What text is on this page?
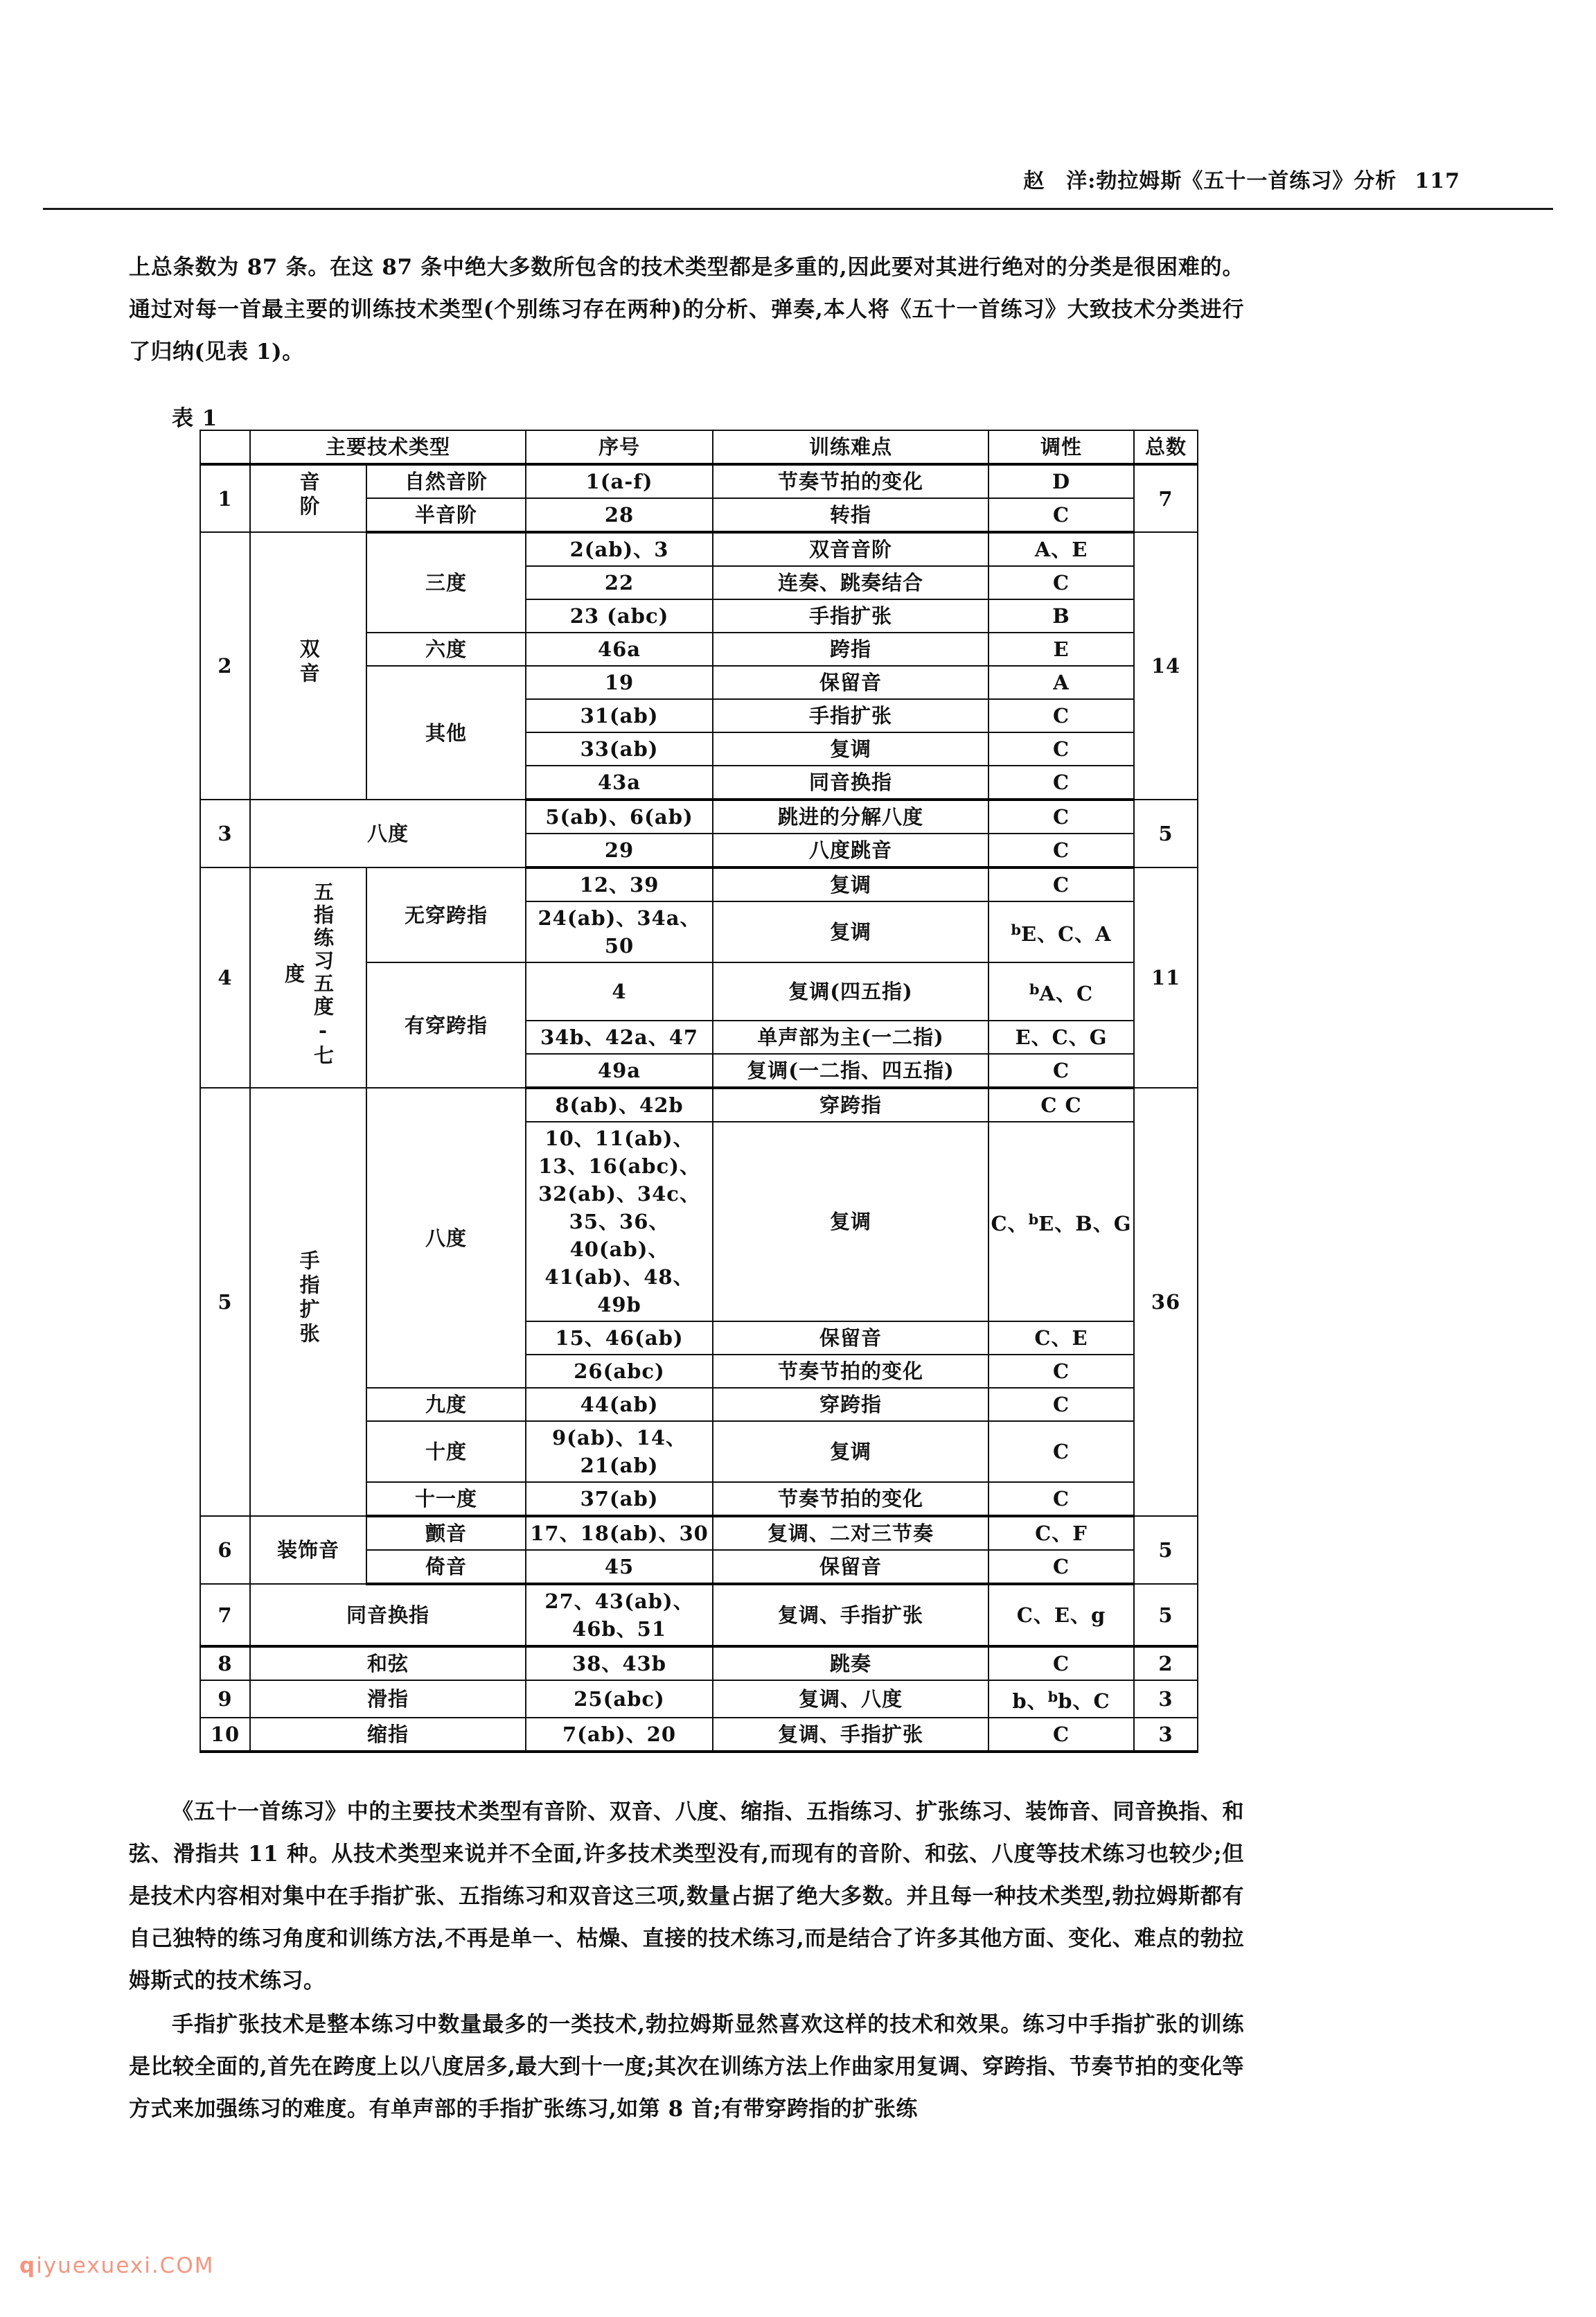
赵　洋:勃拉姆斯《五十一首练习》分析 117
上总条数为 87 条。在这 87 条中绝大多数所包含的技术类型都是多重的,因此要对其进行绝对的分类是很困难的。通过对每一首最主要的训练技术类型(个别练习存在两种)的分析、弹奏,本人将《五十一首练习》大致技术分类进行了归纳(见表 1)。
表 1
	主要技术类型		序号	训练难点	调性	总数
1	音阶	自然音阶	1(a-f)	节奏节拍的变化	D	7
		半音阶	28	转指	C	
2	双音	三度	2(ab)、3	双音音阶	A、E	14
			22	连奏、跳奏结合	C	
			23 (abc)	手指扩张	B	
		六度	46a	跨指	E	
		其他	19	保留音	A	
			31(ab)	手指扩张	C	
			33(ab)	复调	C	
			43a	同音换指	C	
3	八度		5(ab)、6(ab)	跳进的分解八度	C	5
			29	八度跳音	C	
4	五指练习五度-七度	无穿跨指	12、39	复调	C	11
			24(ab)、34a、50	复调	$^b$E、C、A	
		有穿跨指	4	复调(四五指)	$^b$A、C	
			34b、42a、47	单声部为主(一二指)	E、C、G	
			49a	复调(一二指、四五指)	C	
5	手指扩张	八度	8(ab)、42b	穿跨指	C C	36
			10、11(ab)、13、16(abc)、32(ab)、34c、35、36、40(ab)、41(ab)、48、49b	复调	C、$^b$E、B、G	
			15、46(ab)	保留音	C、E	
			26(abc)	节奏节拍的变化	C	
		九度	44(ab)	穿跨指	C	
		十度	9(ab)、14、21(ab)	复调	C	
		十一度	37(ab)	节奏节拍的变化	C	
6	装饰音	颤音	17、18(ab)、30	复调、二对三节奏	C、F	5
		倚音	45	保留音	C	
7	同音换指		27、43(ab)、46b、51	复调、手指扩张	C、E、g	5
8	和弦		38、43b	跳奏	C	2
9	滑指		25(abc)	复调、八度	b、$^b$b、C	3
10	缩指		7(ab)、20	复调、手指扩张	C	3
《五十一首练习》中的主要技术类型有音阶、双音、八度、缩指、五指练习、扩张练习、装饰音、同音换指、和弦、滑指共 11 种。从技术类型来说并不全面,许多技术类型没有,而现有的音阶、和弦、八度等技术练习也较少;但是技术内容相对集中在手指扩张、五指练习和双音这三项,数量占据了绝大多数。并且每一种技术类型,勃拉姆斯都有自己独特的练习角度和训练方法,不再是单一、枯燥、直接的技术练习,而是结合了许多其他方面、变化、难点的勃拉姆斯式的技术练习。
手指扩张技术是整本练习中数量最多的一类技术,勃拉姆斯显然喜欢这样的技术和效果。练习中手指扩张的训练是比较全面的,首先在跨度上以八度居多,最大到十一度;其次在训练方法上作曲家用复调、穿跨指、节奏节拍的变化等方式来加强练习的难度。有单声部的手指扩张练习,如第 8 首;有带穿跨指的扩张练
qiyuexuexi.COM
